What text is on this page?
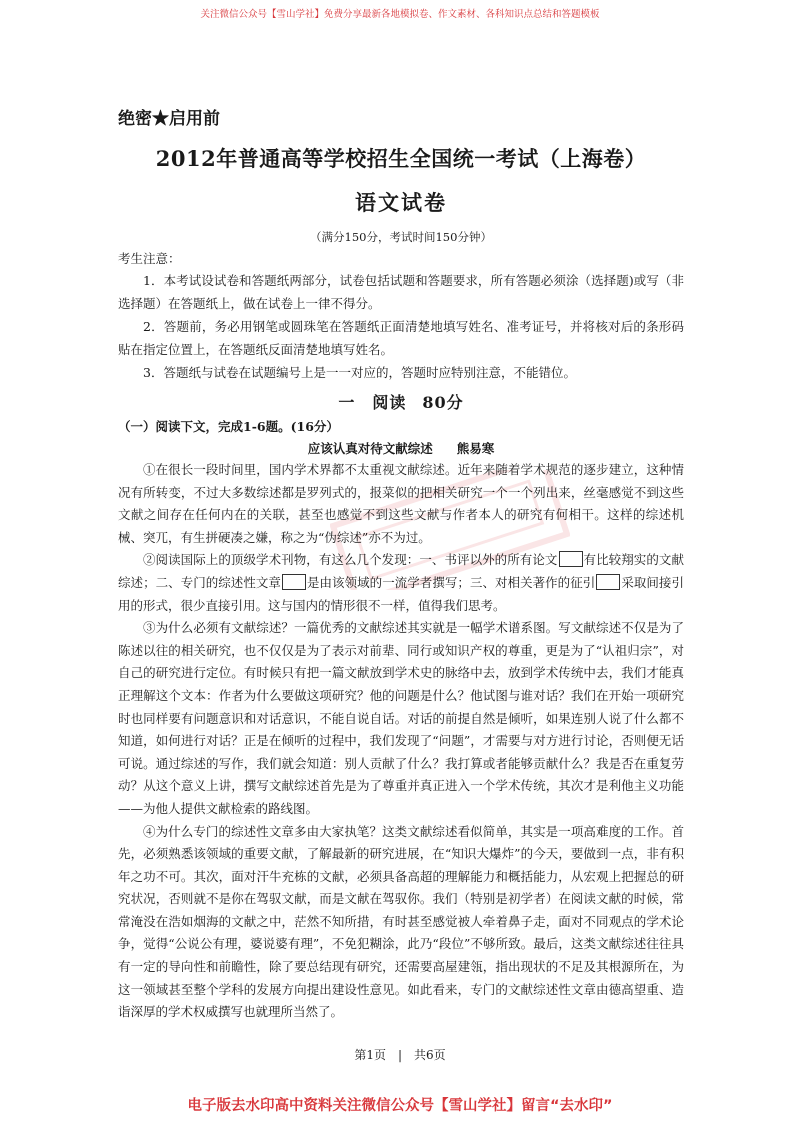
关注微信公众号【雪山学社】免费分享最新各地模拟卷、作文素材、各科知识点总结和答题模板

绝密★启用前

2012年普通高等学校招生全国统一考试（上海卷）

语文试卷

（满分150分，考试时间150分钟）

考生注意：

1．本考试设试卷和答题纸两部分，试卷包括试题和答题要求，所有答题必须涂（选择题)或写（非选择题）在答题纸上，做在试卷上一律不得分。

2．答题前，务必用钢笔或圆珠笔在答题纸正面清楚地填写姓名、准考证号，并将核对后的条形码贴在指定位置上，在答题纸反面清楚地填写姓名。

3．答题纸与试卷在试题编号上是一一对应的，答题时应特别注意，不能错位。

一　阅读 80分

（一）阅读下文，完成1-6题。(16分）

应该认真对待文献综述 熊易寒

①在很长一段时间里，国内学术界都不太重视文献综述。近年来随着学术规范的逐步建立，这种情况有所转变，不过大多数综述都是罗列式的，报菜似的把相关研究一个一个列出来，丝毫感觉不到这些文献之间存在任何内在的关联，甚至也感觉不到这些文献与作者本人的研究有何相干。这样的综述机械、突兀，有生拼硬凑之嫌，称之为“伪综述”亦不为过。

②阅读国际上的顶级学术刊物，有这么几个发现：一、书评以外的所有论文 有比较翔实的文献综述；二、专门的综述性文章 是由该领域的一流学者撰写；三、对相关著作的征引 采取间接引用的形式，很少直接引用。这与国内的情形很不一样，值得我们思考。

③为什么必须有文献综述？一篇优秀的文献综述其实就是一幅学术谱系图。写文献综述不仅是为了陈述以往的相关研究，也不仅仅是为了表示对前辈、同行或知识产权的尊重，更是为了“认祖归宗”，对自己的研究进行定位。有时候只有把一篇文献放到学术史的脉络中去，放到学术传统中去，我们才能真正理解这个文本：作者为什么要做这项研究？他的问题是什么？他试图与谁对话？我们在开始一项研究时也同样要有问题意识和对话意识，不能自说自话。对话的前提自然是倾听，如果连别人说了什么都不知道，如何进行对话？正是在倾听的过程中，我们发现了“问题”，才需要与对方进行讨论，否则便无话可说。通过综述的写作，我们就会知道：别人贡献了什么？我打算或者能够贡献什么？我是否在重复劳动？从这个意义上讲，撰写文献综述首先是为了尊重并真正进入一个学术传统，其次才是利他主义功能——为他人提供文献检索的路线图。

④为什么专门的综述性文章多由大家执笔？这类文献综述看似简单，其实是一项高难度的工作。首先，必须熟悉该领域的重要文献，了解最新的研究进展，在“知识大爆炸”的今天，要做到一点，非有积年之功不可。其次，面对汗牛充栋的文献，必须具备高超的理解能力和概括能力，从宏观上把握总的研究状况，否则就不是你在驾驭文献，而是文献在驾驭你。我们（特别是初学者）在阅读文献的时候，常常淹没在浩如烟海的文献之中，茫然不知所措，有时甚至感觉被人牵着鼻子走，面对不同观点的学术论争，觉得“公说公有理，婆说婆有理”，不免犯糊涂，此乃“段位”不够所致。最后，这类文献综述往往具有一定的导向性和前瞻性，除了要总结现有研究，还需要高屋建瓴，指出现状的不足及其根源所在，为这一领域甚至整个学科的发展方向提出建设性意见。如此看来，专门的文献综述性文章由德高望重、造诣深厚的学术权威撰写也就理所当然了。

第1页　|　共6页
电子版去水印高中资料关注微信公众号【雪山学社】留言“去水印”
